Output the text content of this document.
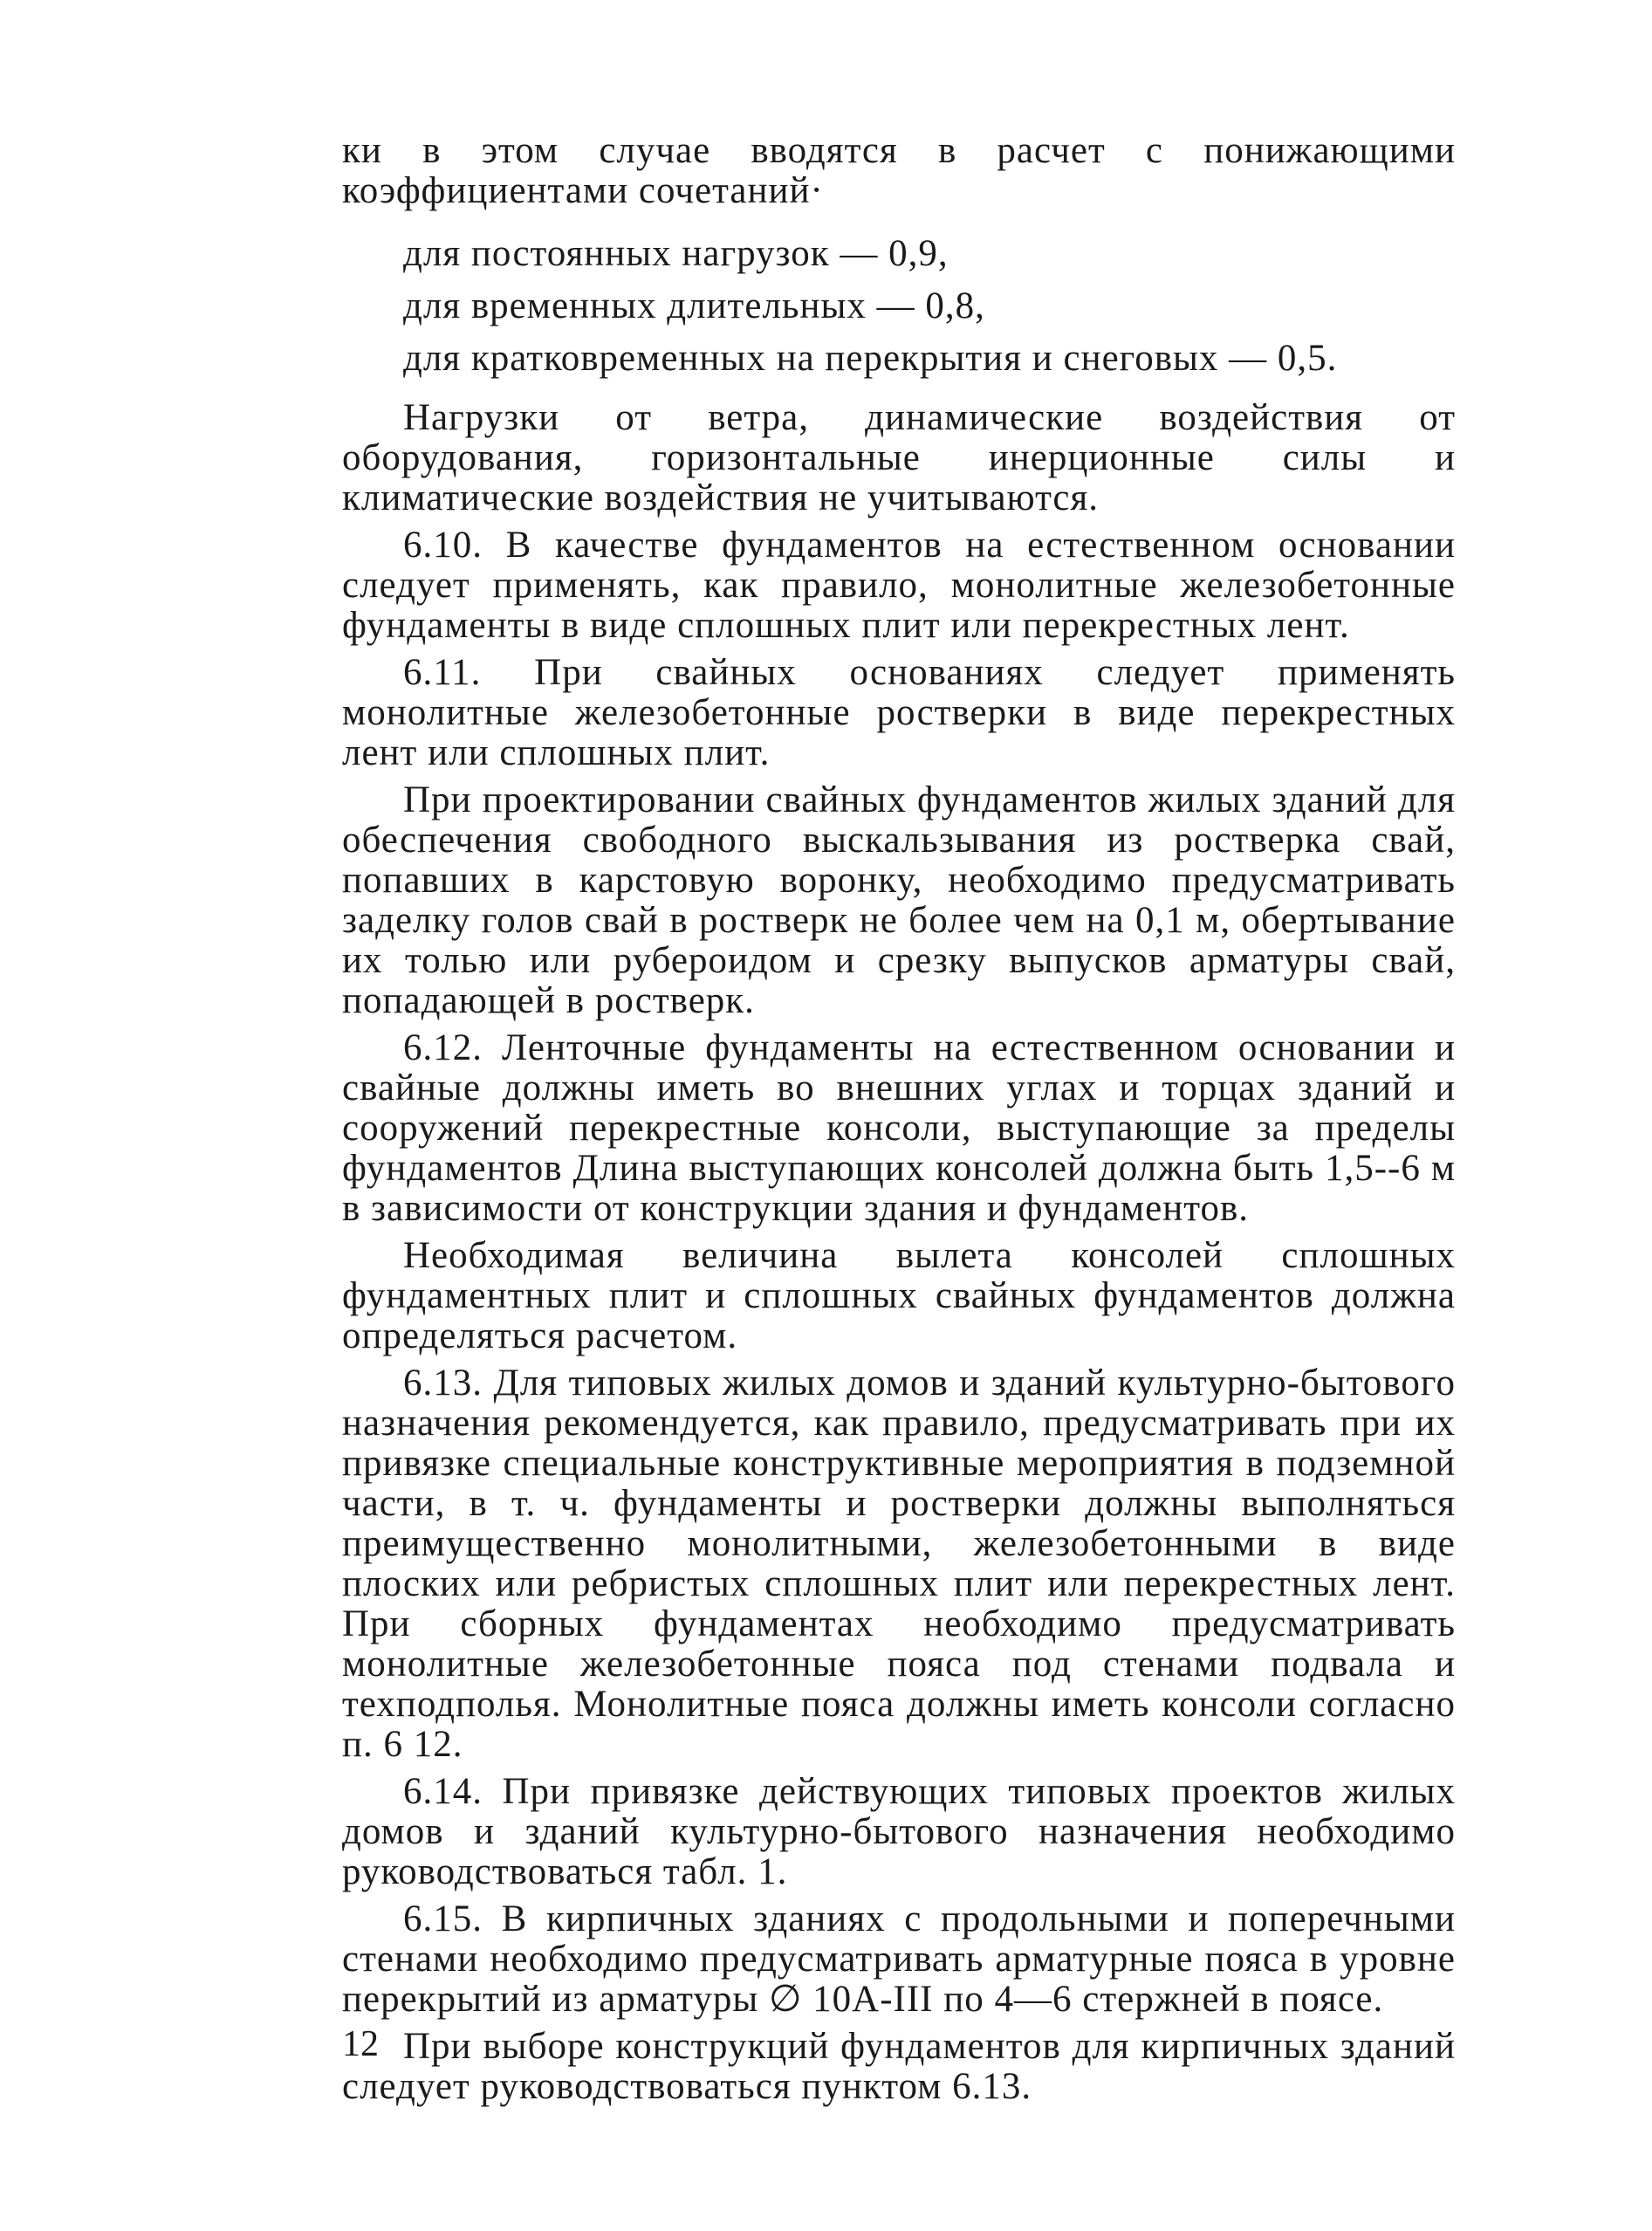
ки в этом случае вводятся в расчет с понижающими коэффициентами сочетаний·

для постоянных нагрузок — 0,9,

для временных длительных — 0,8,

для кратковременных на перекрытия и снеговых — 0,5.

Нагрузки от ветра, динамические воздействия от оборудования, горизонтальные инерционные силы и климатические воздействия не учитываются.

6.10. В качестве фундаментов на естественном основании следует применять, как правило, монолитные железобетонные фундаменты в виде сплошных плит или перекрестных лент.

6.11. При свайных основаниях следует применять монолитные железобетонные ростверки в виде перекрестных лент или сплошных плит.

При проектировании свайных фундаментов жилых зданий для обеспечения свободного выскальзывания из ростверка свай, попавших в карстовую воронку, необходимо предусматривать заделку голов свай в ростверк не более чем на 0,1 м, обертывание их толью или рубероидом и срезку выпусков арматуры свай, попадающей в ростверк.

6.12. Ленточные фундаменты на естественном основании и свайные должны иметь во внешних углах и торцах зданий и сооружений перекрестные консоли, выступающие за пределы фундаментов Длина выступающих консолей должна быть 1,5--6 м в зависимости от конструкции здания и фундаментов.

Необходимая величина вылета консолей сплошных фундаментных плит и сплошных свайных фундаментов должна определяться расчетом.

6.13. Для типовых жилых домов и зданий культурно-бытового назначения рекомендуется, как правило, предусматривать при их привязке специальные конструктивные мероприятия в подземной части, в т. ч. фундаменты и ростверки должны выполняться преимущественно монолитными, железобетонными в виде плоских или ребристых сплошных плит или перекрестных лент. При сборных фундаментах необходимо предусматривать монолитные железобетонные пояса под стенами подвала и техподполья. Монолитные пояса должны иметь консоли согласно п. 6 12.

6.14. При привязке действующих типовых проектов жилых домов и зданий культурно-бытового назначения необходимо руководствоваться табл. 1.

6.15. В кирпичных зданиях с продольными и поперечными стенами необходимо предусматривать арматурные пояса в уровне перекрытий из арматуры ∅ 10А-III по 4—6 стержней в поясе.

При выборе конструкций фундаментов для кирпичных зданий следует руководствоваться пунктом 6.13.

12
